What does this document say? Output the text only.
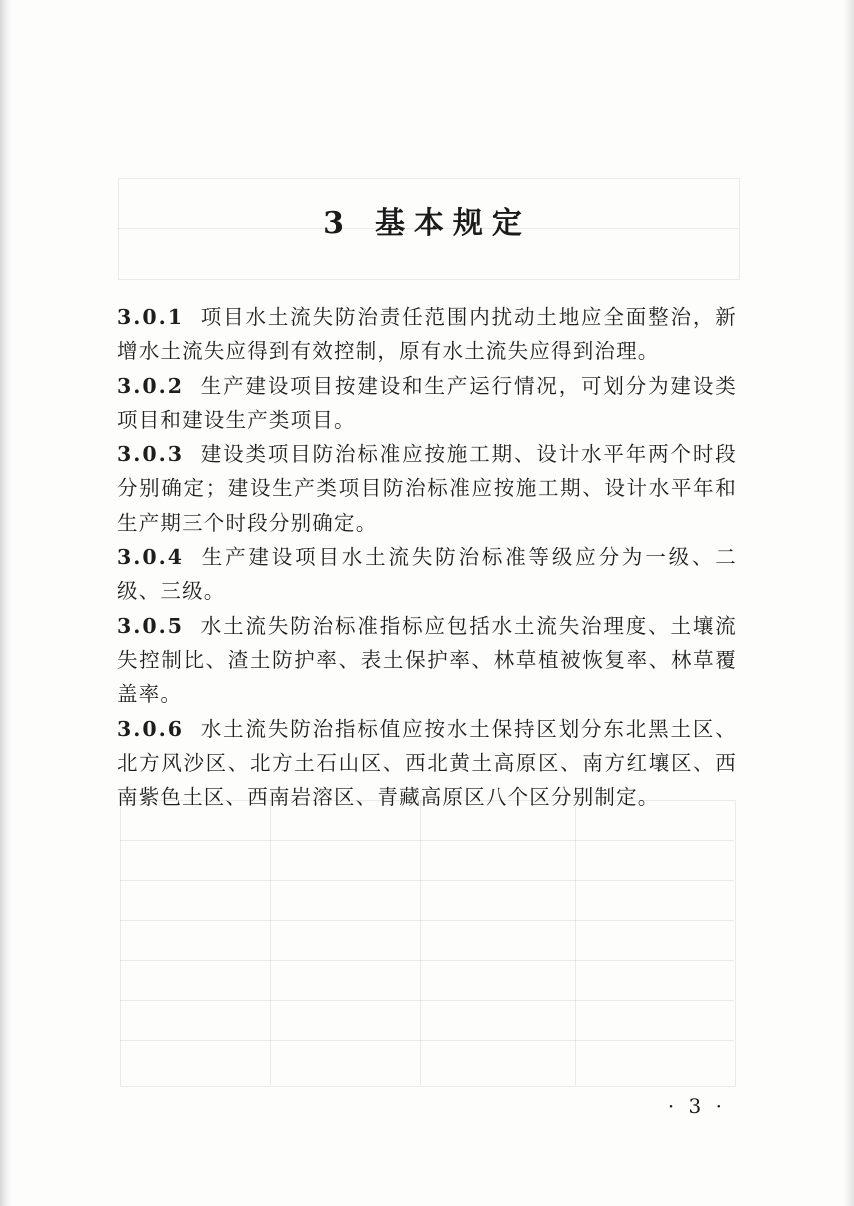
3 基本规定

3.0.1 项目水土流失防治责任范围内扰动土地应全面整治，新增水土流失应得到有效控制，原有水土流失应得到治理。

3.0.2 生产建设项目按建设和生产运行情况，可划分为建设类项目和建设生产类项目。

3.0.3 建设类项目防治标准应按施工期、设计水平年两个时段分别确定；建设生产类项目防治标准应按施工期、设计水平年和生产期三个时段分别确定。

3.0.4 生产建设项目水土流失防治标准等级应分为一级、二级、三级。

3.0.5 水土流失防治标准指标应包括水土流失治理度、土壤流失控制比、渣土防护率、表土保护率、林草植被恢复率、林草覆盖率。

3.0.6 水土流失防治指标值应按水土保持区划分东北黑土区、北方风沙区、北方土石山区、西北黄土高原区、南方红壤区、西南紫色土区、西南岩溶区、青藏高原区八个区分别制定。

· 3 ·
